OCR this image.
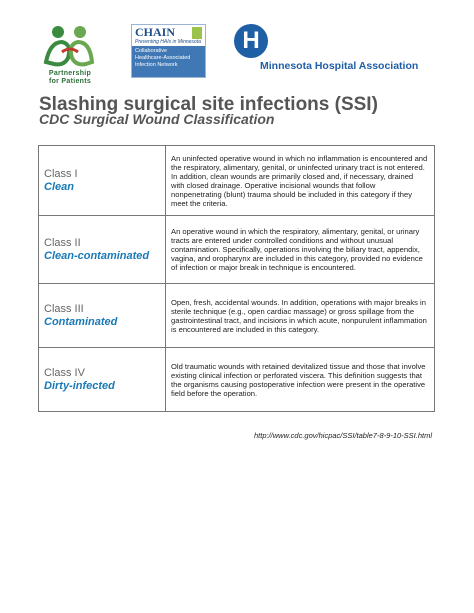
Partnership
for Patients
CHAIN
Preventing HAIs in Minnesota
Collaborative
Healthcare-Associated
Infection Network
H
Minnesota Hospital Association
Slashing surgical site infections (SSI)
CDC Surgical Wound Classification
Class I
Clean	An uninfected operative wound in which no inflammation is encountered and the respiratory, alimentary, genital, or uninfected urinary tract is not entered. In addition, clean wounds are primarily closed and, if necessary, drained with closed drainage. Operative incisional wounds that follow nonpenetrating (blunt) trauma should be included in this category if they meet the criteria.

Class II
Clean-contaminated	An operative wound in which the respiratory, alimentary, genital, or urinary tracts are entered under controlled conditions and without unusual contamination. Specifically, operations involving the biliary tract, appendix, vagina, and oropharynx are included in this category, provided no evidence of infection or major break in technique is encountered.

Class III
Contaminated	Open, fresh, accidental wounds. In addition, operations with major breaks in sterile technique (e.g., open cardiac massage) or gross spillage from the gastrointestinal tract, and incisions in which acute, nonpurulent inflammation is encountered are included in this category.

Class IV
Dirty-infected	Old traumatic wounds with retained devitalized tissue and those that involve existing clinical infection or perforated viscera. This definition suggests that the organisms causing postoperative infection were present in the operative field before the operation.
http://www.cdc.gov/hicpac/SSI/table7-8-9-10-SSI.html
